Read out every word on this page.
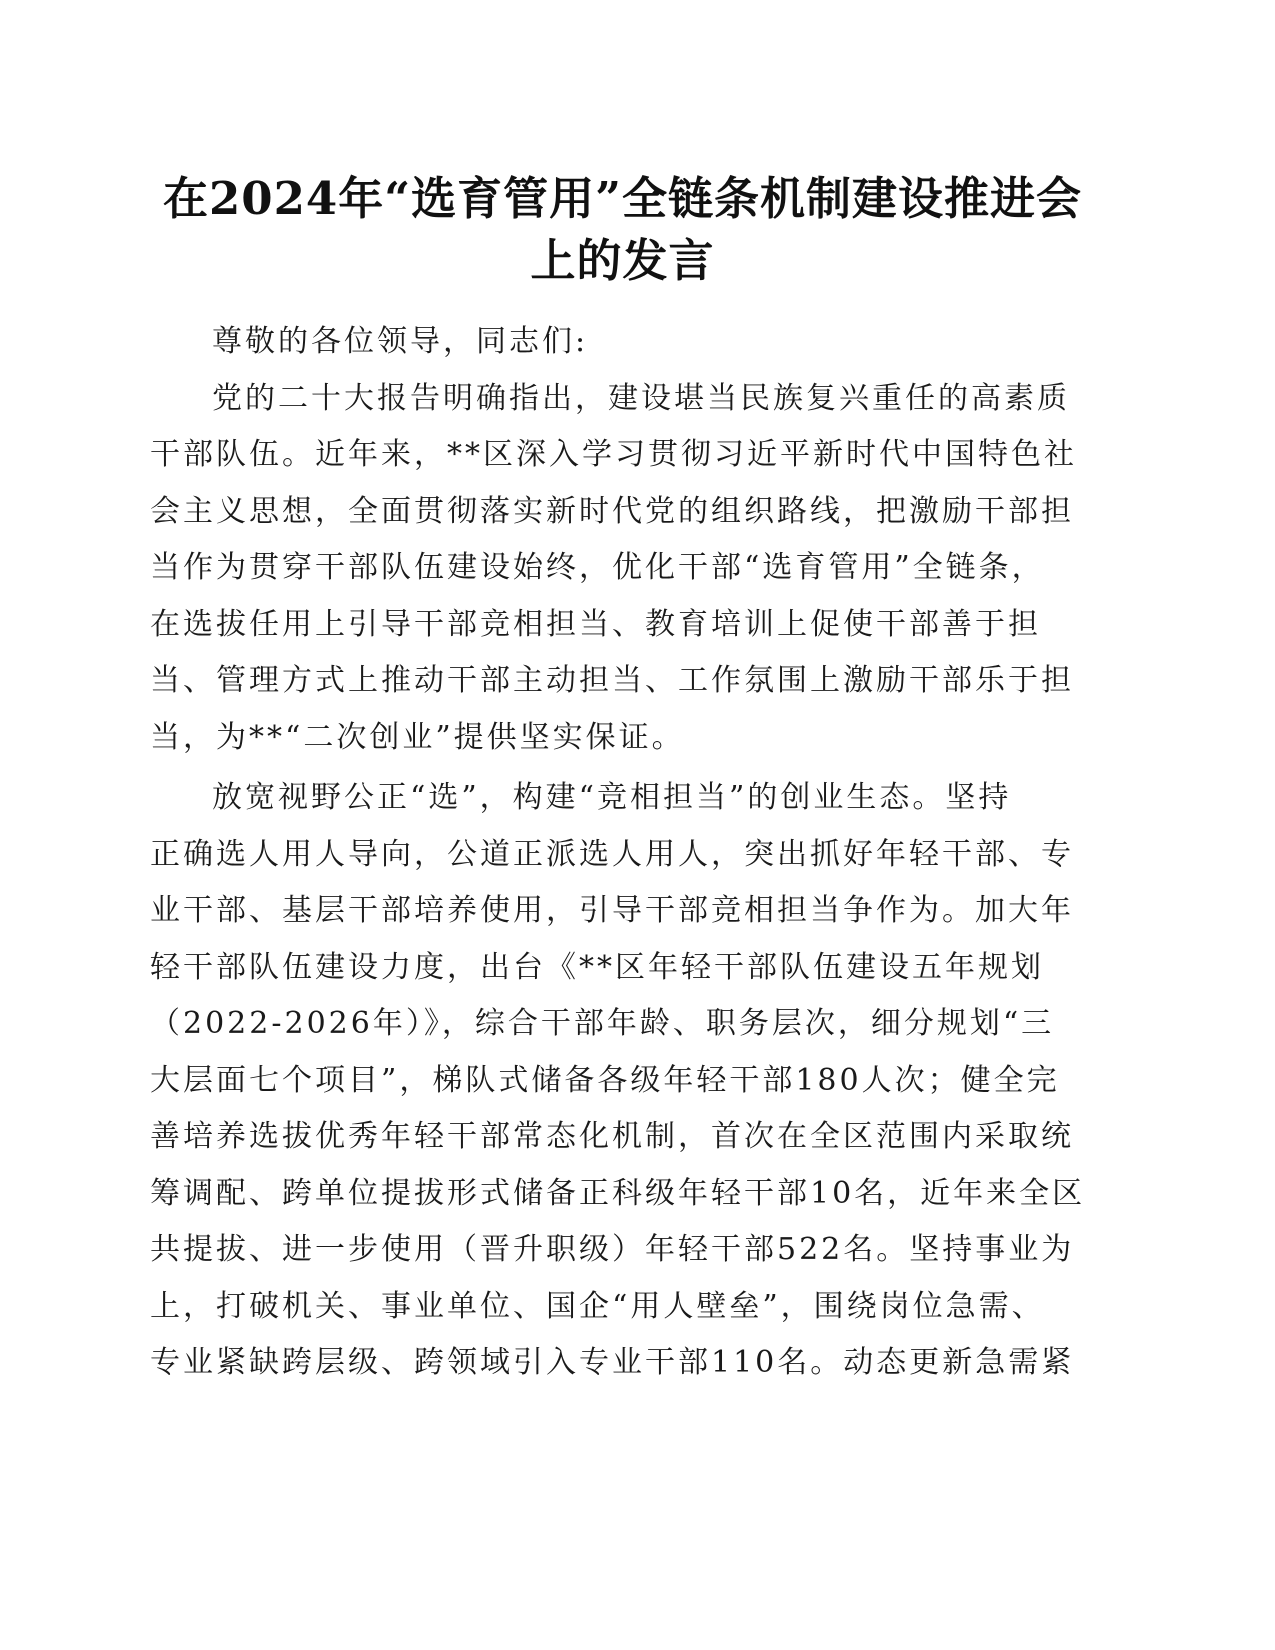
在2024年“选育管用”全链条机制建设推进会
上的发言
尊敬的各位领导，同志们:
党的二十大报告明确指出，建设堪当民族复兴重任的高素质
干部队伍。近年来，**区深入学习贯彻习近平新时代中国特色社
会主义思想，全面贯彻落实新时代党的组织路线，把激励干部担
当作为贯穿干部队伍建设始终，优化干部“选育管用”全链条，
在选拔任用上引导干部竞相担当、教育培训上促使干部善于担
当、管理方式上推动干部主动担当、工作氛围上激励干部乐于担
当，为**“二次创业”提供坚实保证。
放宽视野公正“选”，构建“竞相担当”的创业生态。坚持
正确选人用人导向，公道正派选人用人，突出抓好年轻干部、专
业干部、基层干部培养使用，引导干部竞相担当争作为。加大年
轻干部队伍建设力度，出台《**区年轻干部队伍建设五年规划
（2022-2026年）》，综合干部年龄、职务层次，细分规划“三
大层面七个项目”，梯队式储备各级年轻干部180人次；健全完
善培养选拔优秀年轻干部常态化机制，首次在全区范围内采取统
筹调配、跨单位提拔形式储备正科级年轻干部10名，近年来全区
共提拔、进一步使用（晋升职级）年轻干部522名。坚持事业为
上，打破机关、事业单位、国企“用人壁垒”，围绕岗位急需、
专业紧缺跨层级、跨领域引入专业干部110名。动态更新急需紧
